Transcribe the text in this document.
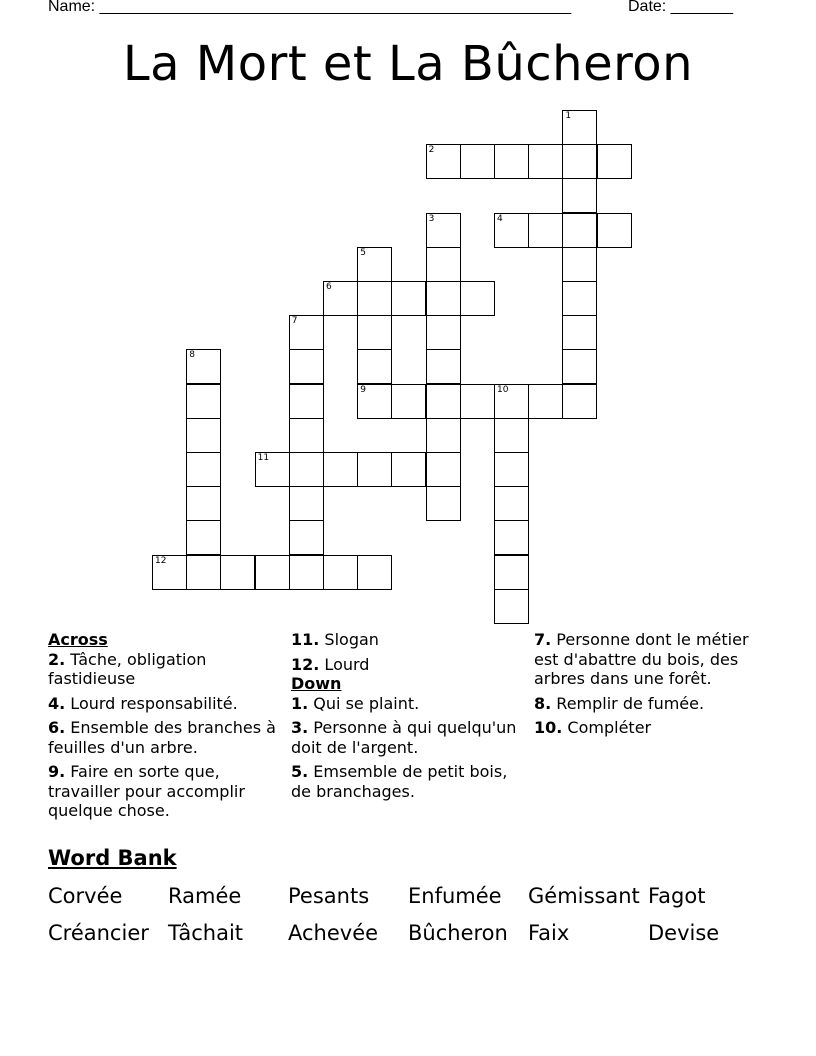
Name: _____________________________________________________	Date: _______
La Mort et La Bûcheron
1
2
3	4
5
9
6
7
8
10
11
12
Across
2. Tâche, obligation fastidieuse
4. Lourd responsabilité.
6. Ensemble des branches à feuilles d'un arbre.
9. Faire en sorte que, travailler pour accomplir quelque chose.
11. Slogan
12. Lourd
Down
1. Qui se plaint.
3. Personne à qui quelqu'un doit de l'argent.
5. Emsemble de petit bois, de branchages.
7. Personne dont le métier est d'abattre du bois, des arbres dans une forêt.
8. Remplir de fumée.
10. Compléter
Word Bank
Corvée Ramée Pesants Enfumée Gémissant Fagot
Créancier Tâchait Achevée Bûcheron Faix	Devise
